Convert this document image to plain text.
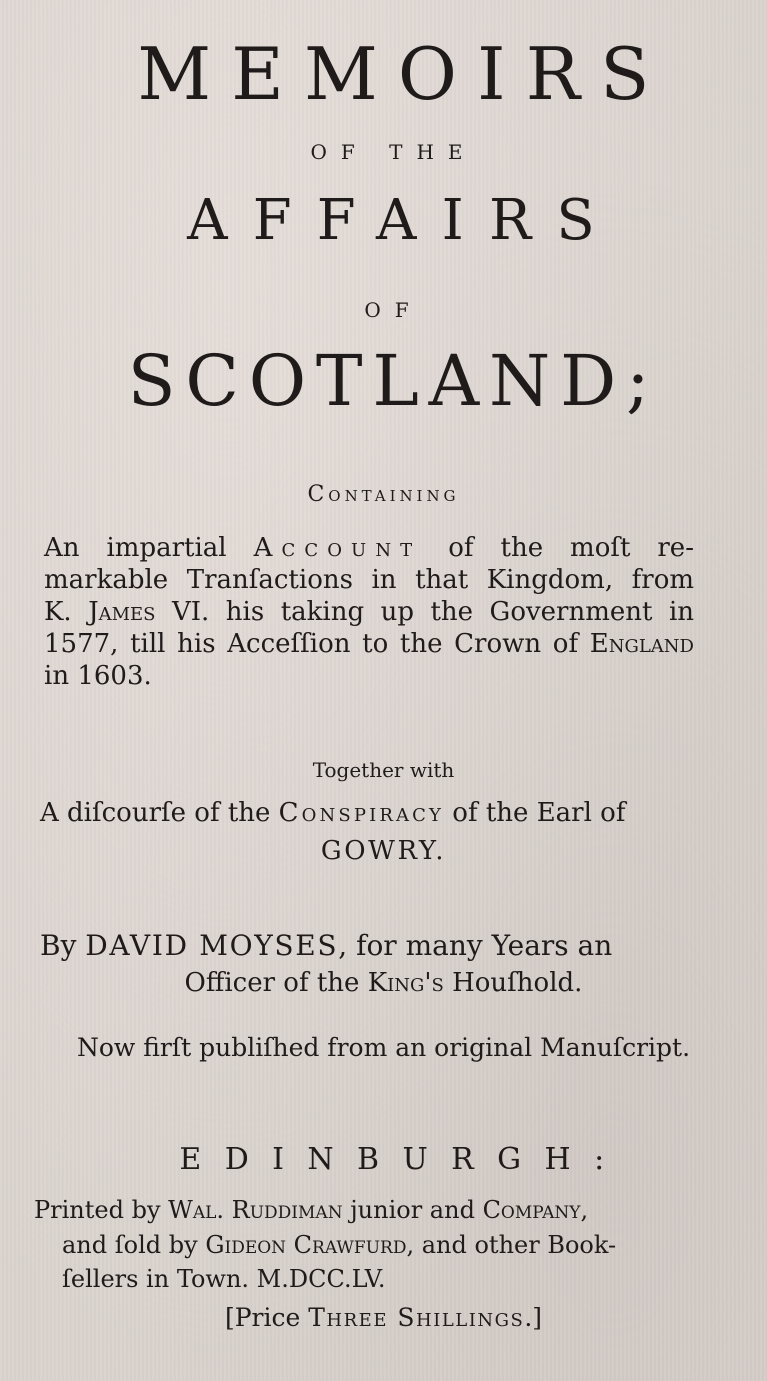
MEMOIRS
OF THE
AFFAIRS
OF
SCOTLAND;
Containing
An impartial Account of the moſt re-
markable Tranſactions in that Kingdom, from
K. James VI. his taking up the Government in
1577, till his Acceſſion to the Crown of England
in 1603.
Together with
A diſcourſe of the Conspiracy of the Earl of
GOWRY.
By DAVID MOYSES, for many Years an
Officer of the King's Houſhold.
Now firſt publiſhed from an original Manuſcript.
EDINBURGH:
Printed by Wal. Ruddiman junior and Company,
and ſold by Gideon Crawfurd, and other Book-
ſellers in Town. M.DCC.LV.
[Price Three Shillings.]
